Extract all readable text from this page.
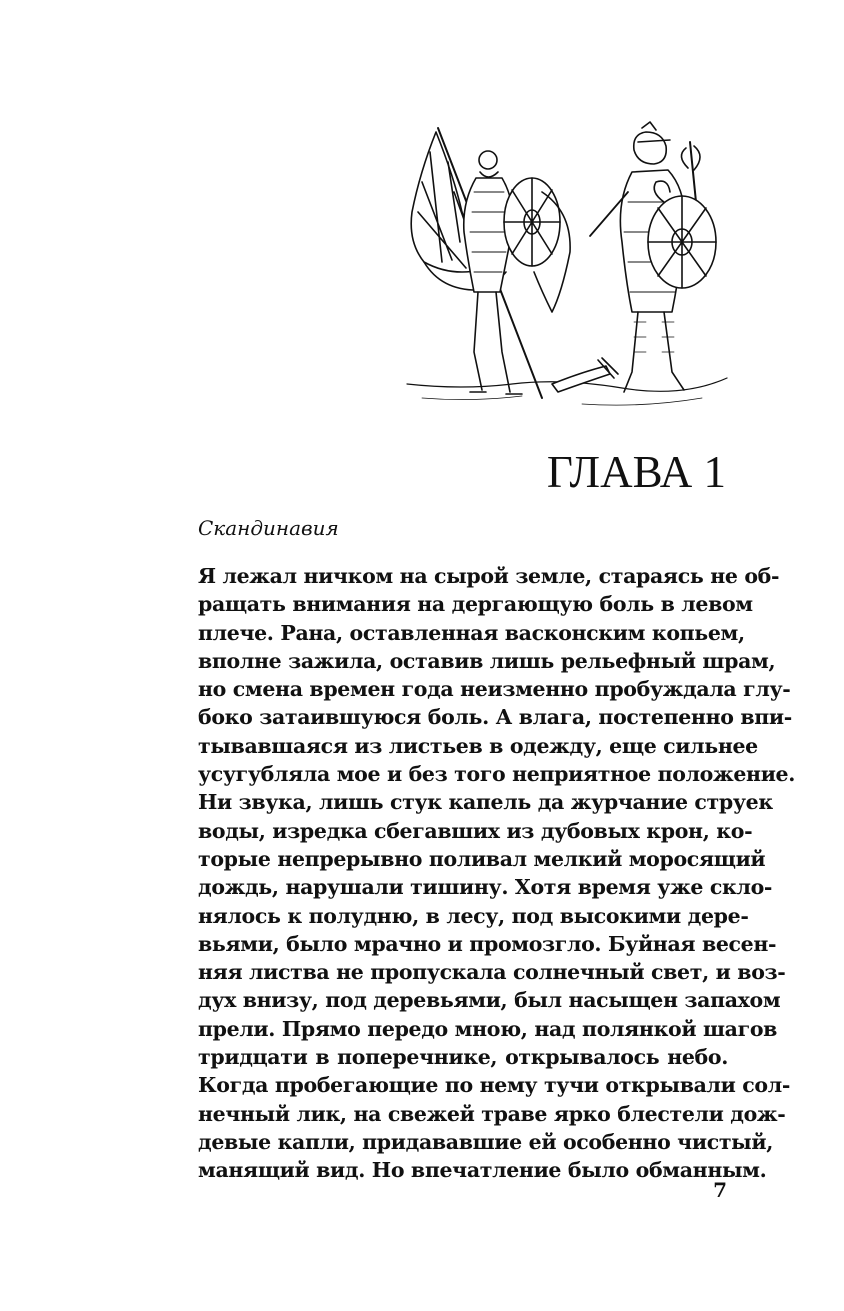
ГЛАВА 1

Скандинавия

Я лежал ничком на сырой земле, стараясь не об-
ращать внимания на дергающую боль в левом
плече. Рана, оставленная васконским копьем,
вполне зажила, оставив лишь рельефный шрам,
но смена времен года неизменно пробуждала глу-
боко затаившуюся боль. А влага, постепенно впи-
тывавшаяся из листьев в одежду, еще сильнее
усугубляла мое и без того неприятное положение.
Ни звука, лишь стук капель да журчание струек
воды, изредка сбегавших из дубовых крон, ко-
торые непрерывно поливал мелкий моросящий
дождь, нарушали тишину. Хотя время уже скло-
нялось к полудню, в лесу, под высокими дере-
вьями, было мрачно и промозгло. Буйная весен-
няя листва не пропускала солнечный свет, и воз-
дух внизу, под деревьями, был насыщен запахом
прели. Прямо передо мною, над полянкой шагов
тридцати в поперечнике, открывалось небо.
Когда пробегающие по нему тучи открывали сол-
нечный лик, на свежей траве ярко блестели дож-
девые капли, придававшие ей особенно чистый,
манящий вид. Но впечатление было обманным.
7
